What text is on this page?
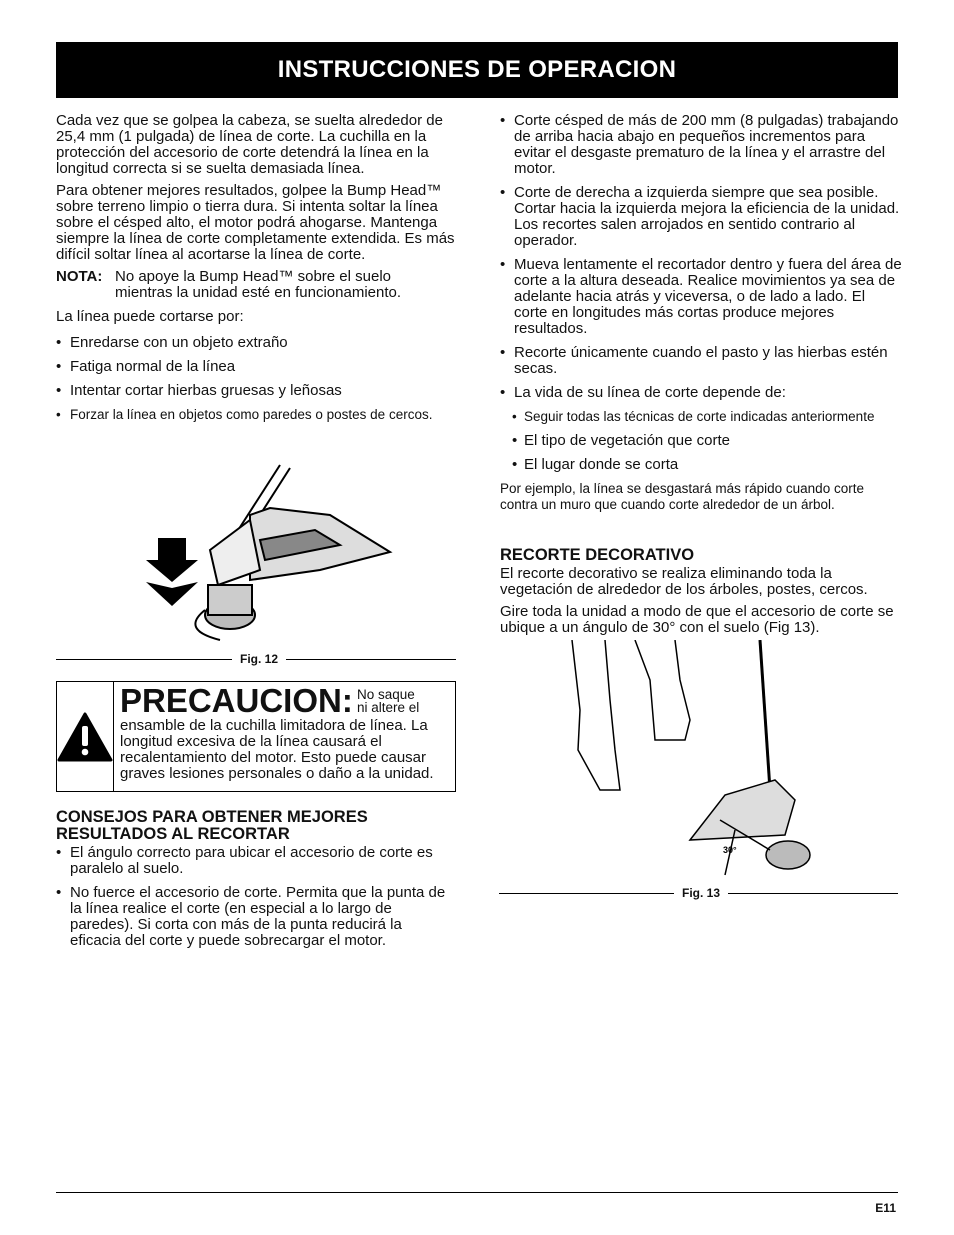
INSTRUCCIONES DE OPERACION

Cada vez que se golpea la cabeza, se suelta alrededor de 25,4 mm (1 pulgada) de línea de corte. La cuchilla en la protección del accesorio de corte detendrá la línea en la longitud correcta si se suelta demasiada línea.

Para obtener mejores resultados, golpee la Bump Head™ sobre terreno limpio o tierra dura. Si intenta soltar la línea sobre el césped alto, el motor podrá ahogarse. Mantenga siempre la línea de corte completamente extendida. Es más difícil soltar línea al acortarse la línea de corte.

NOTA: No apoye la Bump Head™ sobre el suelo mientras la unidad esté en funcionamiento.

La línea puede cortarse por:

• Enredarse con un objeto extraño
• Fatiga normal de la línea
• Intentar cortar hierbas gruesas y leñosas
• Forzar la línea en objetos como paredes o postes de cercos.
Fig. 12
PRECAUCION: No saque ni altere el
ensamble de la cuchilla limitadora de línea. La longitud excesiva de la línea causará el recalentamiento del motor. Esto puede causar graves lesiones personales o daño a la unidad.
CONSEJOS PARA OBTENER MEJORES RESULTADOS AL RECORTAR
• El ángulo correcto para ubicar el accesorio de corte es paralelo al suelo.
• No fuerce el accesorio de corte. Permita que la punta de la línea realice el corte (en especial a lo largo de paredes). Si corta con más de la punta reducirá la eficacia del corte y puede sobrecargar el motor.
• Corte césped de más de 200 mm (8 pulgadas) trabajando de arriba hacia abajo en pequeños incrementos para evitar el desgaste prematuro de la línea y el arrastre del motor.
• Corte de derecha a izquierda siempre que sea posible. Cortar hacia la izquierda mejora la eficiencia de la unidad. Los recortes salen arrojados en sentido contrario al operador.
• Mueva lentamente el recortador dentro y fuera del área de corte a la altura deseada. Realice movimientos ya sea de adelante hacia atrás y viceversa, o de lado a lado. El corte en longitudes más cortas produce mejores resultados.
• Recorte únicamente cuando el pasto y las hierbas estén secas.
• La vida de su línea de corte depende de:
• Seguir todas las técnicas de corte indicadas anteriormente
• El tipo de vegetación que corte
• El lugar donde se corta

Por ejemplo, la línea se desgastará más rápido cuando corte contra un muro que cuando corte alrededor de un árbol.

RECORTE DECORATIVO

El recorte decorativo se realiza eliminando toda la vegetación de alrededor de los árboles, postes, cercos.

Gire toda la unidad a modo de que el accesorio de corte se ubique a un ángulo de 30° con el suelo (Fig 13).

30°
Fig. 13
E11
